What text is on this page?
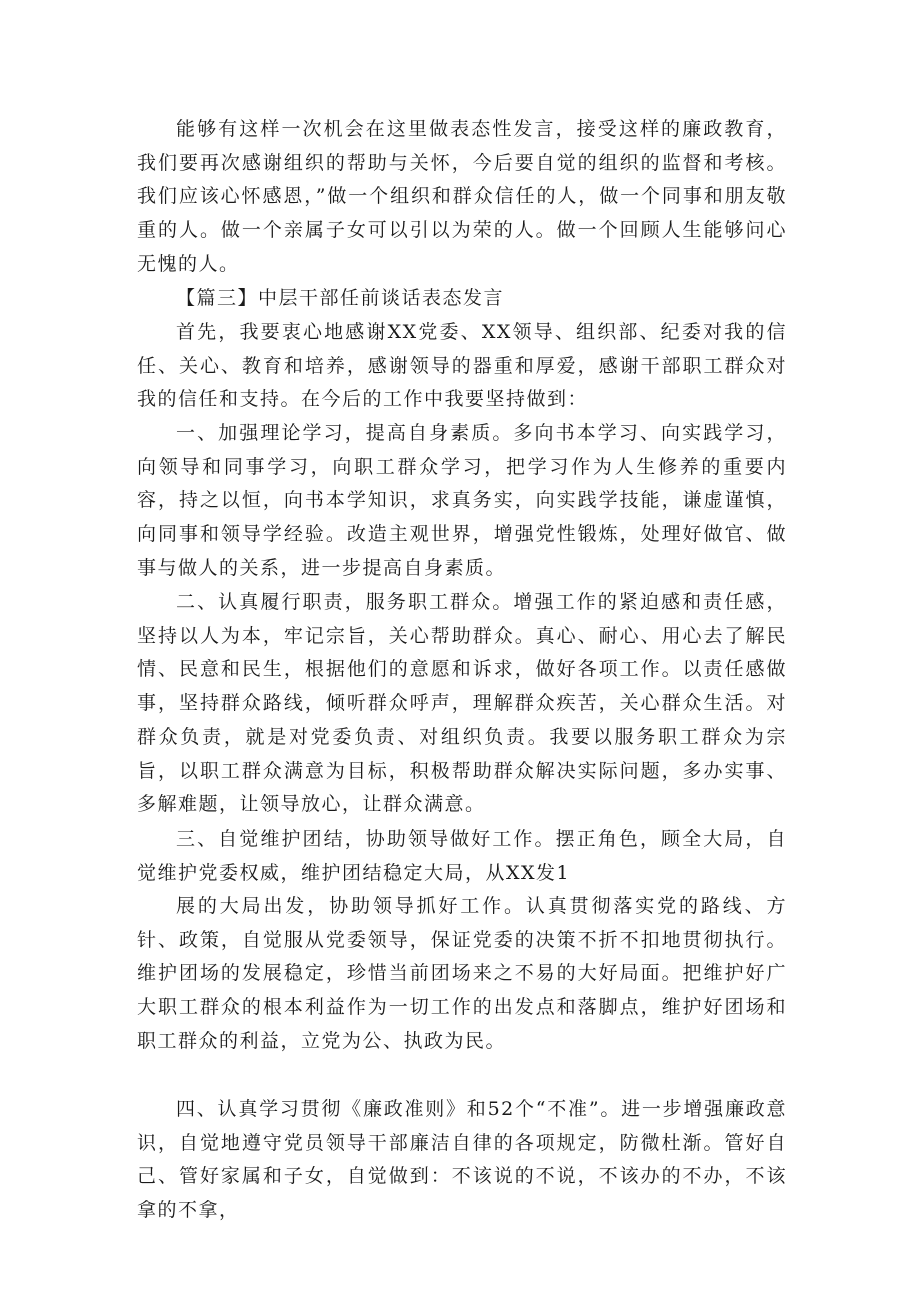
能够有这样一次机会在这里做表态性发言，接受这样的廉政教育，我们要再次感谢组织的帮助与关怀，今后要自觉的组织的监督和考核。我们应该心怀感恩，”做一个组织和群众信任的人，做一个同事和朋友敬重的人。做一个亲属子女可以引以为荣的人。做一个回顾人生能够问心无愧的人。

【篇三】中层干部任前谈话表态发言

首先，我要衷心地感谢XX党委、XX领导、组织部、纪委对我的信任、关心、教育和培养，感谢领导的器重和厚爱，感谢干部职工群众对我的信任和支持。在今后的工作中我要坚持做到：

一、加强理论学习，提高自身素质。多向书本学习、向实践学习，向领导和同事学习，向职工群众学习，把学习作为人生修养的重要内容，持之以恒，向书本学知识，求真务实，向实践学技能，谦虚谨慎，向同事和领导学经验。改造主观世界，增强党性锻炼，处理好做官、做事与做人的关系，进一步提高自身素质。

二、认真履行职责，服务职工群众。增强工作的紧迫感和责任感，坚持以人为本，牢记宗旨，关心帮助群众。真心、耐心、用心去了解民情、民意和民生，根据他们的意愿和诉求，做好各项工作。以责任感做事，坚持群众路线，倾听群众呼声，理解群众疾苦，关心群众生活。对群众负责，就是对党委负责、对组织负责。我要以服务职工群众为宗旨，以职工群众满意为目标，积极帮助群众解决实际问题，多办实事、多解难题，让领导放心，让群众满意。

三、自觉维护团结，协助领导做好工作。摆正角色，顾全大局，自觉维护党委权威，维护团结稳定大局，从XX发1

展的大局出发，协助领导抓好工作。认真贯彻落实党的路线、方针、政策，自觉服从党委领导，保证党委的决策不折不扣地贯彻执行。维护团场的发展稳定，珍惜当前团场来之不易的大好局面。把维护好广大职工群众的根本利益作为一切工作的出发点和落脚点，维护好团场和职工群众的利益，立党为公、执政为民。

四、认真学习贯彻《廉政准则》和52个“不准”。进一步增强廉政意识，自觉地遵守党员领导干部廉洁自律的各项规定，防微杜渐。管好自己、管好家属和子女，自觉做到：不该说的不说，不该办的不办，不该拿的不拿，
